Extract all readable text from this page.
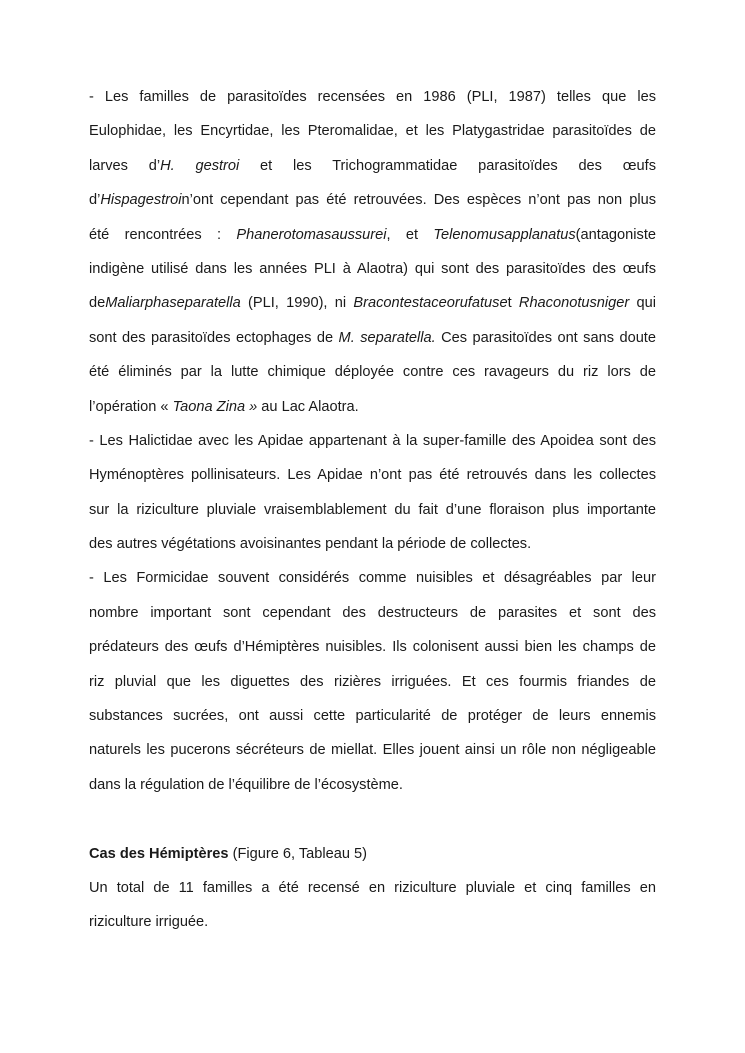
- Les familles de parasitoïdes recensées en 1986 (PLI, 1987) telles que les
Eulophidae, les Encyrtidae, les Pteromalidae, et les Platygastridae parasitoïdes de
larves d’H. gestroi et les Trichogrammatidae parasitoïdes des œufs
d’Hispagestroin’ont cependant pas été retrouvées. Des espèces n’ont pas non plus
été rencontrées : Phanerotomasaussurei, et Telenomusapplanatus(antagoniste
indigène utilisé dans les années PLI à Alaotra) qui sont des parasitoïdes des œufs
deMaliarphaseparatella (PLI, 1990), ni Bracontestaceorufatuset Rhaconotusniger qui
sont des parasitoïdes ectophages de M. separatella. Ces parasitoïdes ont sans doute
été éliminés par la lutte chimique déployée contre ces ravageurs du riz lors de
l’opération « Taona Zina » au Lac Alaotra.
- Les Halictidae avec les Apidae appartenant à la super-famille des Apoidea sont des
Hyménoptères pollinisateurs. Les Apidae n’ont pas été retrouvés dans les collectes
sur la riziculture pluviale vraisemblablement du fait d’une floraison plus importante
des autres végétations avoisinantes pendant la période de collectes.
- Les Formicidae souvent considérés comme nuisibles et désagréables par leur
nombre important sont cependant des destructeurs de parasites et sont des
prédateurs des œufs d’Hémiptères nuisibles. Ils colonisent aussi bien les champs de
riz pluvial que les diguettes des rizières irriguées. Et ces fourmis friandes de
substances sucrées, ont aussi cette particularité de protéger de leurs ennemis
naturels les pucerons sécréteurs de miellat. Elles jouent ainsi un rôle non négligeable
dans la régulation de l’équilibre de l’écosystème.
Cas des Hémiptères (Figure 6, Tableau 5)
Un total de 11 familles a été recensé en riziculture pluviale et cinq familles en
riziculture irriguée.
